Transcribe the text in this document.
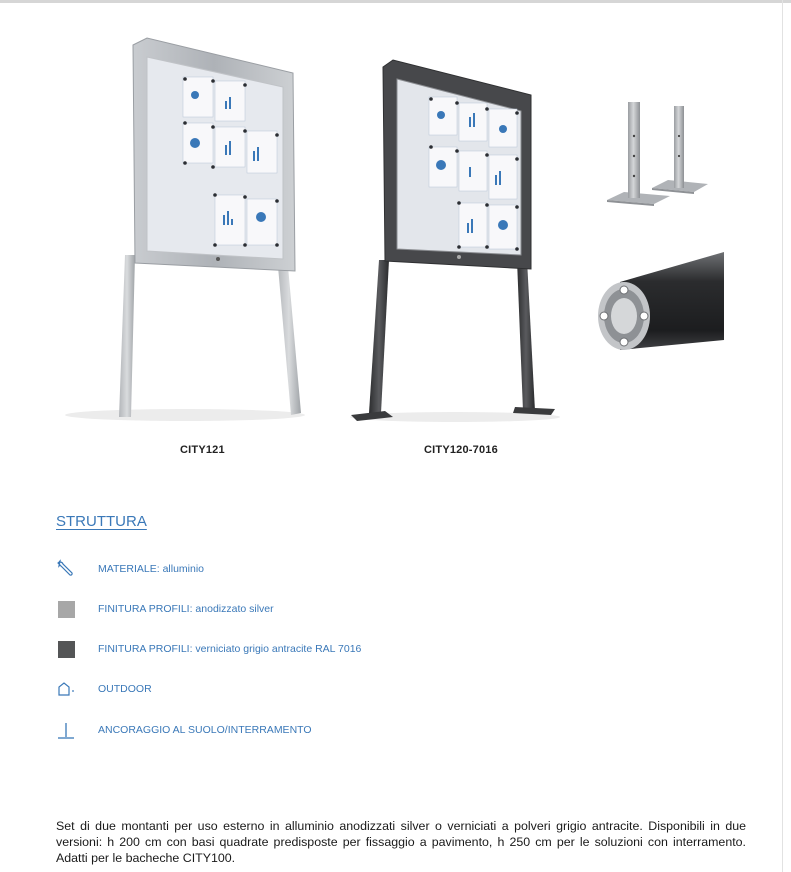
CITY121	CITY120-7016
STRUTTURA
MATERIALE: alluminio
FINITURA PROFILI: anodizzato silver
FINITURA PROFILI: verniciato grigio antracite RAL 7016
OUTDOOR
ANCORAGGIO AL SUOLO/INTERRAMENTO

Set di due montanti per uso esterno in alluminio anodizzati silver o verniciati a polveri grigio antracite. Disponibili in due versioni: h 200 cm con basi quadrate predisposte per fissaggio a pavimento, h 250 cm per le soluzioni con interramento. Adatti per le bacheche CITY100.
